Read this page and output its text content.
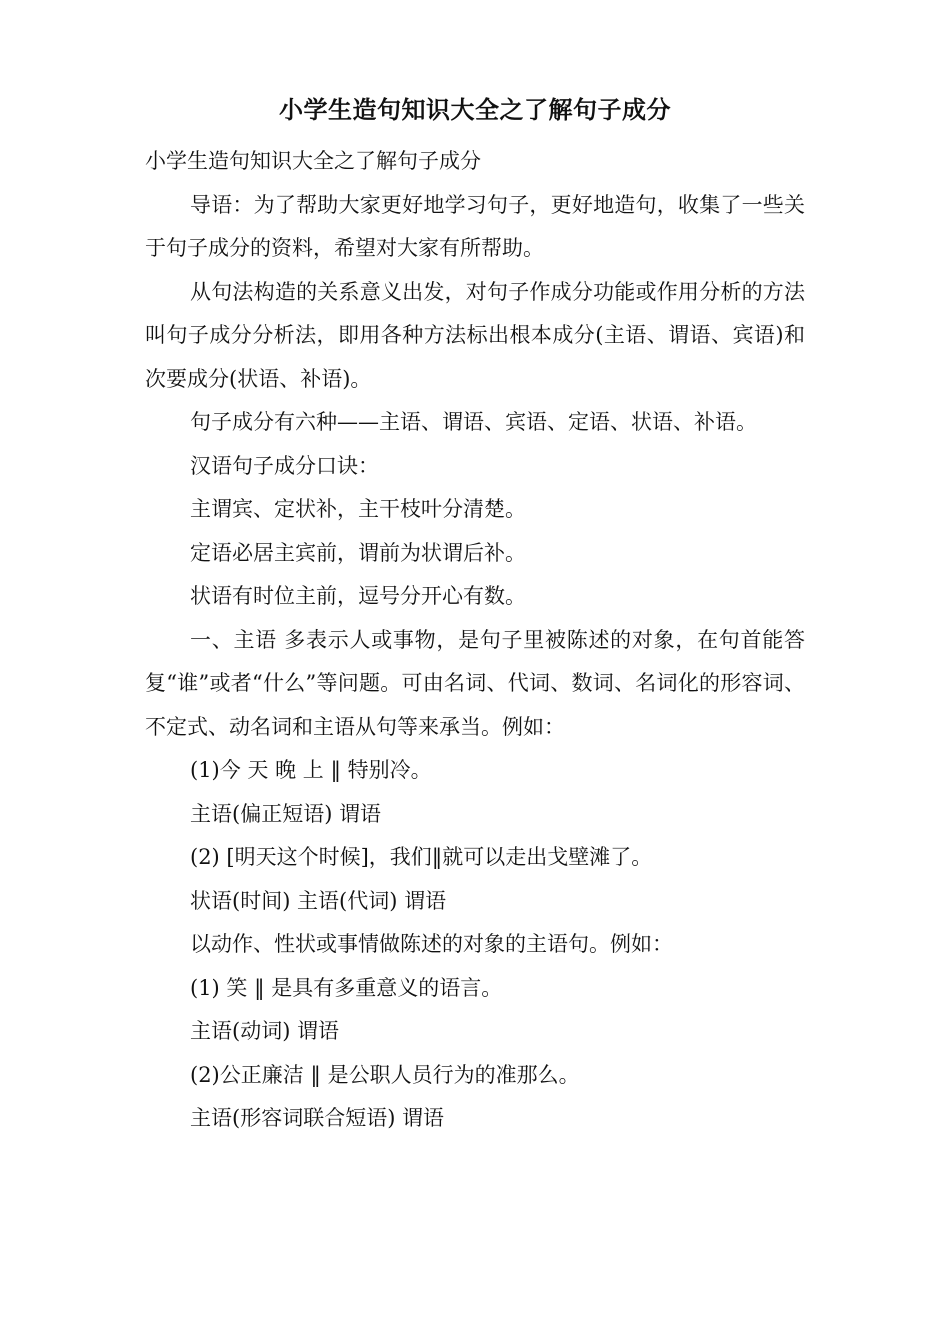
小学生造句知识大全之了解句子成分

小学生造句知识大全之了解句子成分

导语：为了帮助大家更好地学习句子，更好地造句，收集了一些关于句子成分的资料，希望对大家有所帮助。

从句法构造的关系意义出发，对句子作成分功能或作用分析的方法叫句子成分分析法，即用各种方法标出根本成分(主语、谓语、宾语)和次要成分(状语、补语)。

句子成分有六种——主语、谓语、宾语、定语、状语、补语。

汉语句子成分口诀：

主谓宾、定状补，主干枝叶分清楚。

定语必居主宾前，谓前为状谓后补。

状语有时位主前，逗号分开心有数。

一、主语 多表示人或事物，是句子里被陈述的对象，在句首能答复“谁”或者“什么”等问题。可由名词、代词、数词、名词化的形容词、不定式、动名词和主语从句等来承当。例如：

(1)今 天 晚 上 ‖ 特别冷。

主语(偏正短语) 谓语

(2) [明天这个时候]，我们‖就可以走出戈壁滩了。

状语(时间) 主语(代词) 谓语

以动作、性状或事情做陈述的对象的主语句。例如：

(1) 笑 ‖ 是具有多重意义的语言。

主语(动词) 谓语

(2)公正廉洁 ‖ 是公职人员行为的准那么。

主语(形容词联合短语) 谓语
